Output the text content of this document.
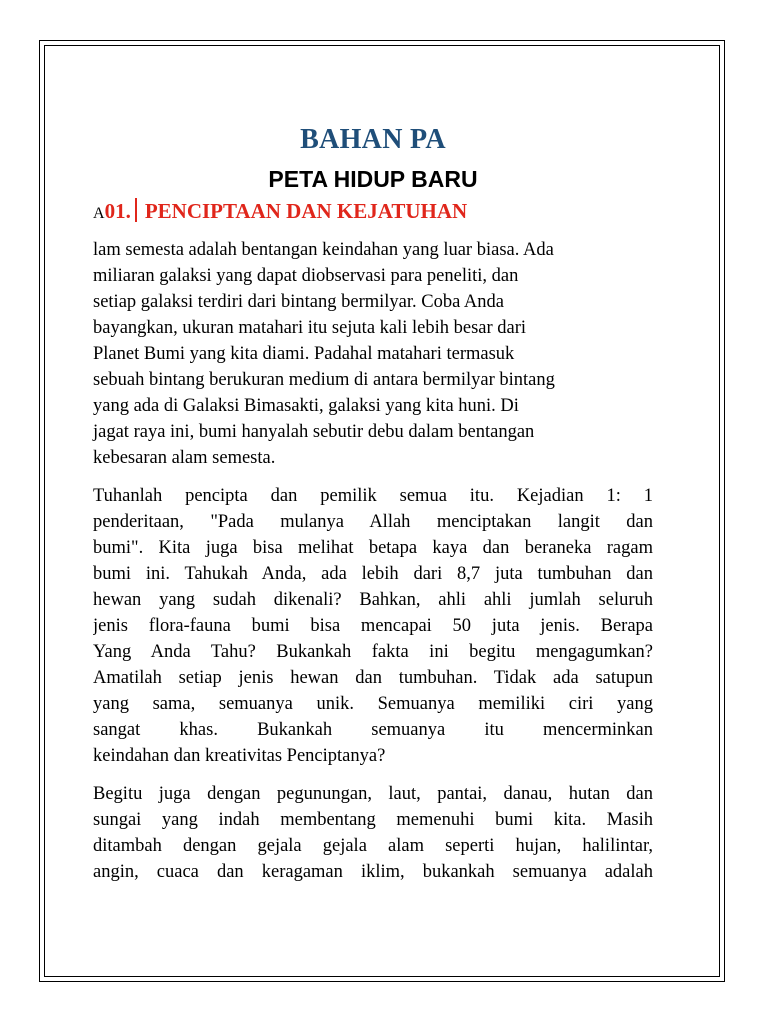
BAHAN PA
PETA HIDUP BARU
A01. PENCIPTAAN DAN KEJATUHAN

lam semesta adalah bentangan keindahan yang luar biasa. Ada
miliaran galaksi yang dapat diobservasi para peneliti, dan
setiap galaksi terdiri dari bintang bermilyar. Coba Anda
bayangkan, ukuran matahari itu sejuta kali lebih besar dari
Planet Bumi yang kita diami. Padahal matahari termasuk
sebuah bintang berukuran medium di antara bermilyar bintang
yang ada di Galaksi Bimasakti, galaksi yang kita huni. Di
jagat raya ini, bumi hanyalah sebutir debu dalam bentangan
kebesaran alam semesta.

Tuhanlah pencipta dan pemilik semua itu. Kejadian 1: 1
penderitaan, "Pada mulanya Allah menciptakan langit dan
bumi". Kita juga bisa melihat betapa kaya dan beraneka ragam
bumi ini. Tahukah Anda, ada lebih dari 8,7 juta tumbuhan dan
hewan yang sudah dikenali? Bahkan, ahli ahli jumlah seluruh
jenis flora-fauna bumi bisa mencapai 50 juta jenis. Berapa
Yang Anda Tahu? Bukankah fakta ini begitu mengagumkan?
Amatilah setiap jenis hewan dan tumbuhan. Tidak ada satupun
yang sama, semuanya unik. Semuanya memiliki ciri yang
sangat khas. Bukankah semuanya itu mencerminkan
keindahan dan kreativitas Penciptanya?

Begitu juga dengan pegunungan, laut, pantai, danau, hutan dan
sungai yang indah membentang memenuhi bumi kita. Masih
ditambah dengan gejala gejala alam seperti hujan, halilintar,
angin, cuaca dan keragaman iklim, bukankah semuanya adalah
